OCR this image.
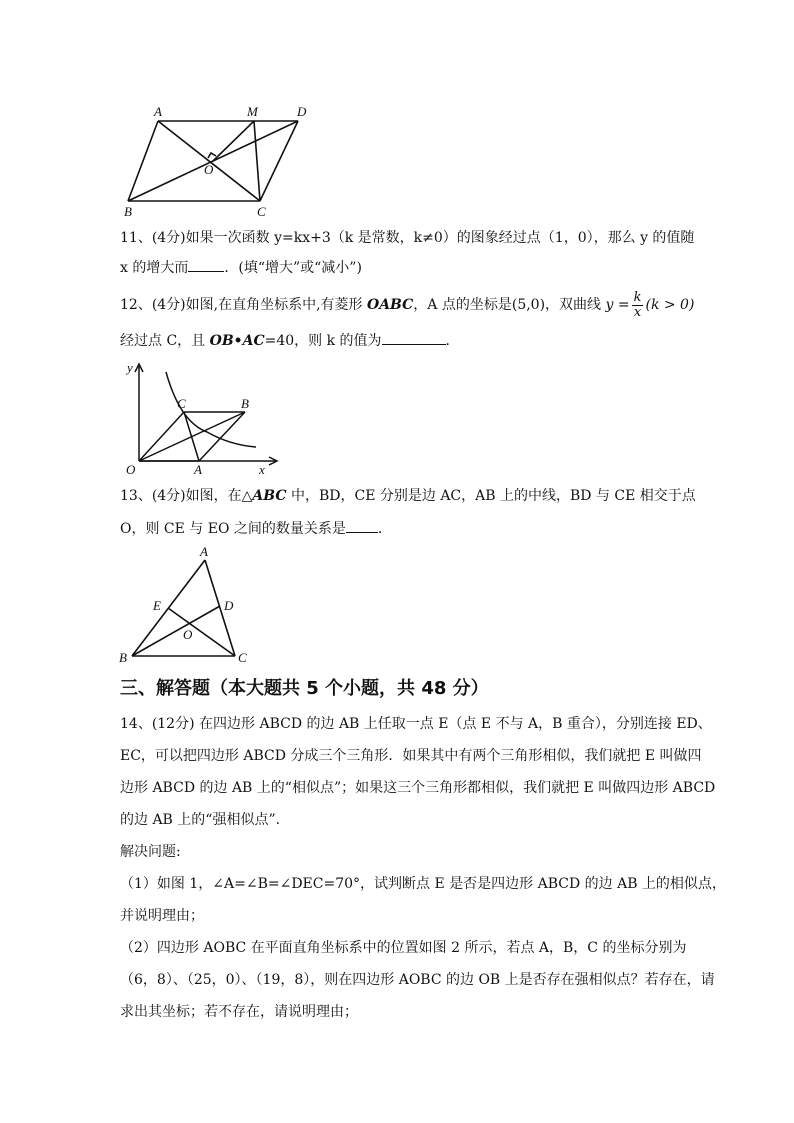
A	M	D
O
B	C
11、(4分)如果一次函数 y=kx+3（k 是常数，k≠0）的图象经过点（1，0），那么 y 的值随
x 的增大而	．(填“增大”或“减小”)
12、(4分)如图,在直角坐标系中,有菱形 OABC，A 点的坐标是(5,0)，双曲线 $y = \frac{k}{x} (k > 0)$
经过点 C，且 OB•AC=40，则 k 的值为	．
y
C	B
O	A	x
13、(4分)如图，在△ABC 中，BD，CE 分别是边 AC，AB 上的中线，BD 与 CE 相交于点
O，则 CE 与 EO 之间的数量关系是 ．
A
E	D
O
B	C
三、解答题（本大题共 5 个小题，共 48 分）
14、(12分) 在四边形 ABCD 的边 AB 上任取一点 E（点 E 不与 A，B 重合），分别连接 ED、
EC，可以把四边形 ABCD 分成三个三角形．如果其中有两个三角形相似，我们就把 E 叫做四
边形 ABCD 的边 AB 上的“相似点”；如果这三个三角形都相似，我们就把 E 叫做四边形 ABCD
的边 AB 上的“强相似点”.
解决问题:
（1）如图 1，∠A=∠B=∠DEC=70°，试判断点 E 是否是四边形 ABCD 的边 AB 上的相似点，
并说明理由；
（2）四边形 AOBC 在平面直角坐标系中的位置如图 2 所示，若点 A，B，C 的坐标分别为
（6，8）、（25，0）、（19，8），则在四边形 AOBC 的边 OB 上是否存在强相似点？若存在，请
求出其坐标；若不存在，请说明理由；
